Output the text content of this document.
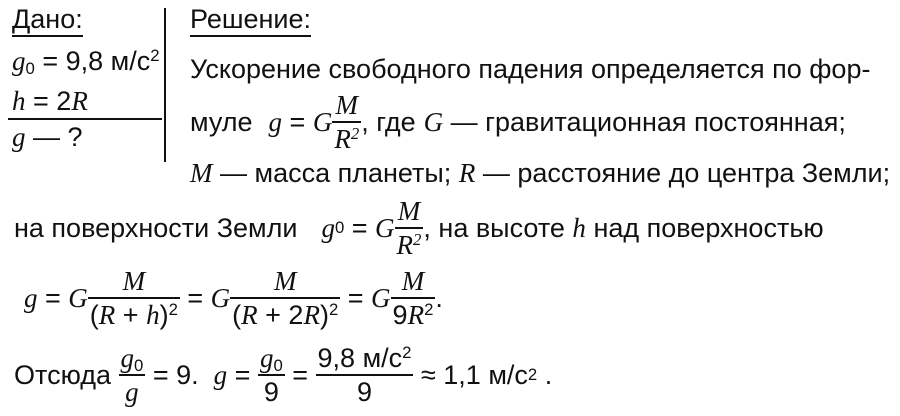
Дано:
$g_0 = 9,8$ $м/с^2$
h = 2R
g — ?
Решение:
Ускорение свободного падения определяется по фор-
муле g = G $\frac{M}{R^2}$ , где G
— гравитационная постоянная;
M — масса планеты; R — расстояние до центра Земли;
на поверхности Земли g 0 = G $\frac{M}{R^2}$ , на высоте
h
над поверхностью
g = G $\frac{M}{(R + h)^2} = G \frac{M}{(R + 2R)^2} = G \frac{M}{9R^2}$ .
Отсюда
$\frac{g_0}{g}$
= 9.
$g = \frac{g_0}{9} = \frac{9,8 м/с^2}{9}$
≈ 1,1 м/с 2 .
